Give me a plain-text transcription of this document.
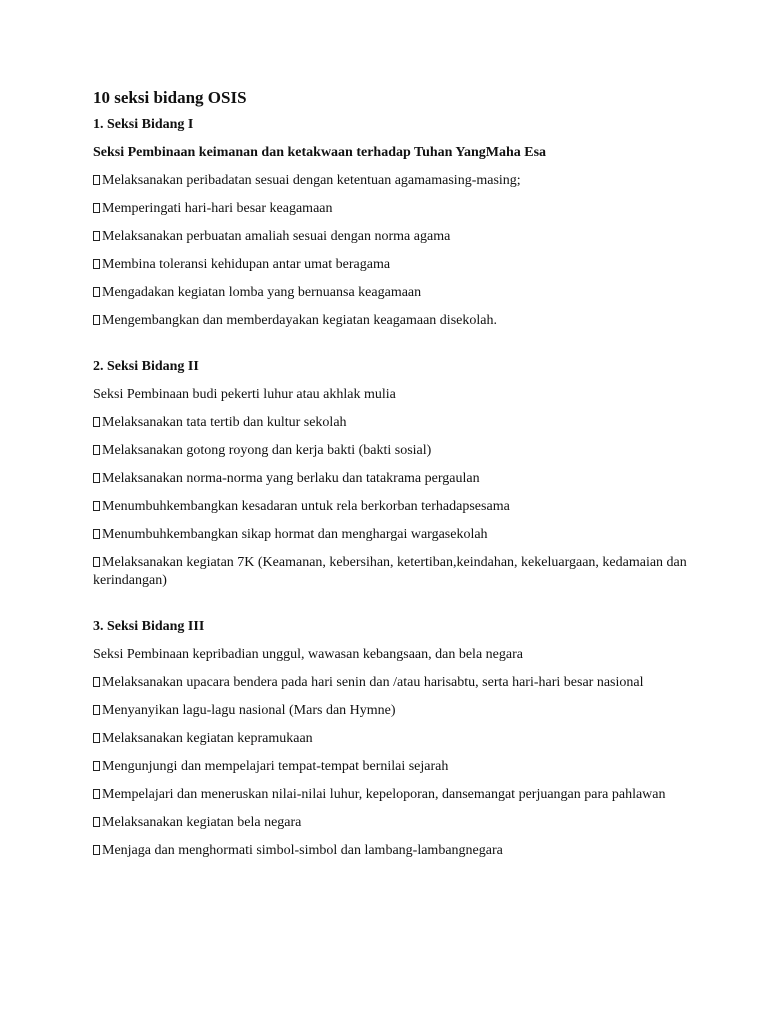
10 seksi bidang OSIS
1. Seksi Bidang I
Seksi Pembinaan keimanan dan ketakwaan terhadap Tuhan YangMaha Esa
Melaksanakan peribadatan sesuai dengan ketentuan agamamasing-masing;
Memperingati hari-hari besar keagamaan
Melaksanakan perbuatan amaliah sesuai dengan norma agama
Membina toleransi kehidupan antar umat beragama
Mengadakan kegiatan lomba yang bernuansa keagamaan
Mengembangkan dan memberdayakan kegiatan keagamaan disekolah.
2. Seksi Bidang II
Seksi Pembinaan budi pekerti luhur atau akhlak mulia
Melaksanakan tata tertib dan kultur sekolah
Melaksanakan gotong royong dan kerja bakti (bakti sosial)
Melaksanakan norma-norma yang berlaku dan tatakrama pergaulan
Menumbuhkembangkan kesadaran untuk rela berkorban terhadapsesama
Menumbuhkembangkan sikap hormat dan menghargai wargasekolah
Melaksanakan kegiatan 7K (Keamanan, kebersihan, ketertiban,keindahan, kekeluargaan, kedamaian dan kerindangan)
3. Seksi Bidang III
Seksi Pembinaan kepribadian unggul, wawasan kebangsaan, dan bela negara
Melaksanakan upacara bendera pada hari senin dan /atau harisabtu, serta hari-hari besar nasional
Menyanyikan lagu-lagu nasional (Mars dan Hymne)
Melaksanakan kegiatan kepramukaan
Mengunjungi dan mempelajari tempat-tempat bernilai sejarah
Mempelajari dan meneruskan nilai-nilai luhur, kepeloporan, dansemangat perjuangan para pahlawan
Melaksanakan kegiatan bela negara
Menjaga dan menghormati simbol-simbol dan lambang-lambangnegara
